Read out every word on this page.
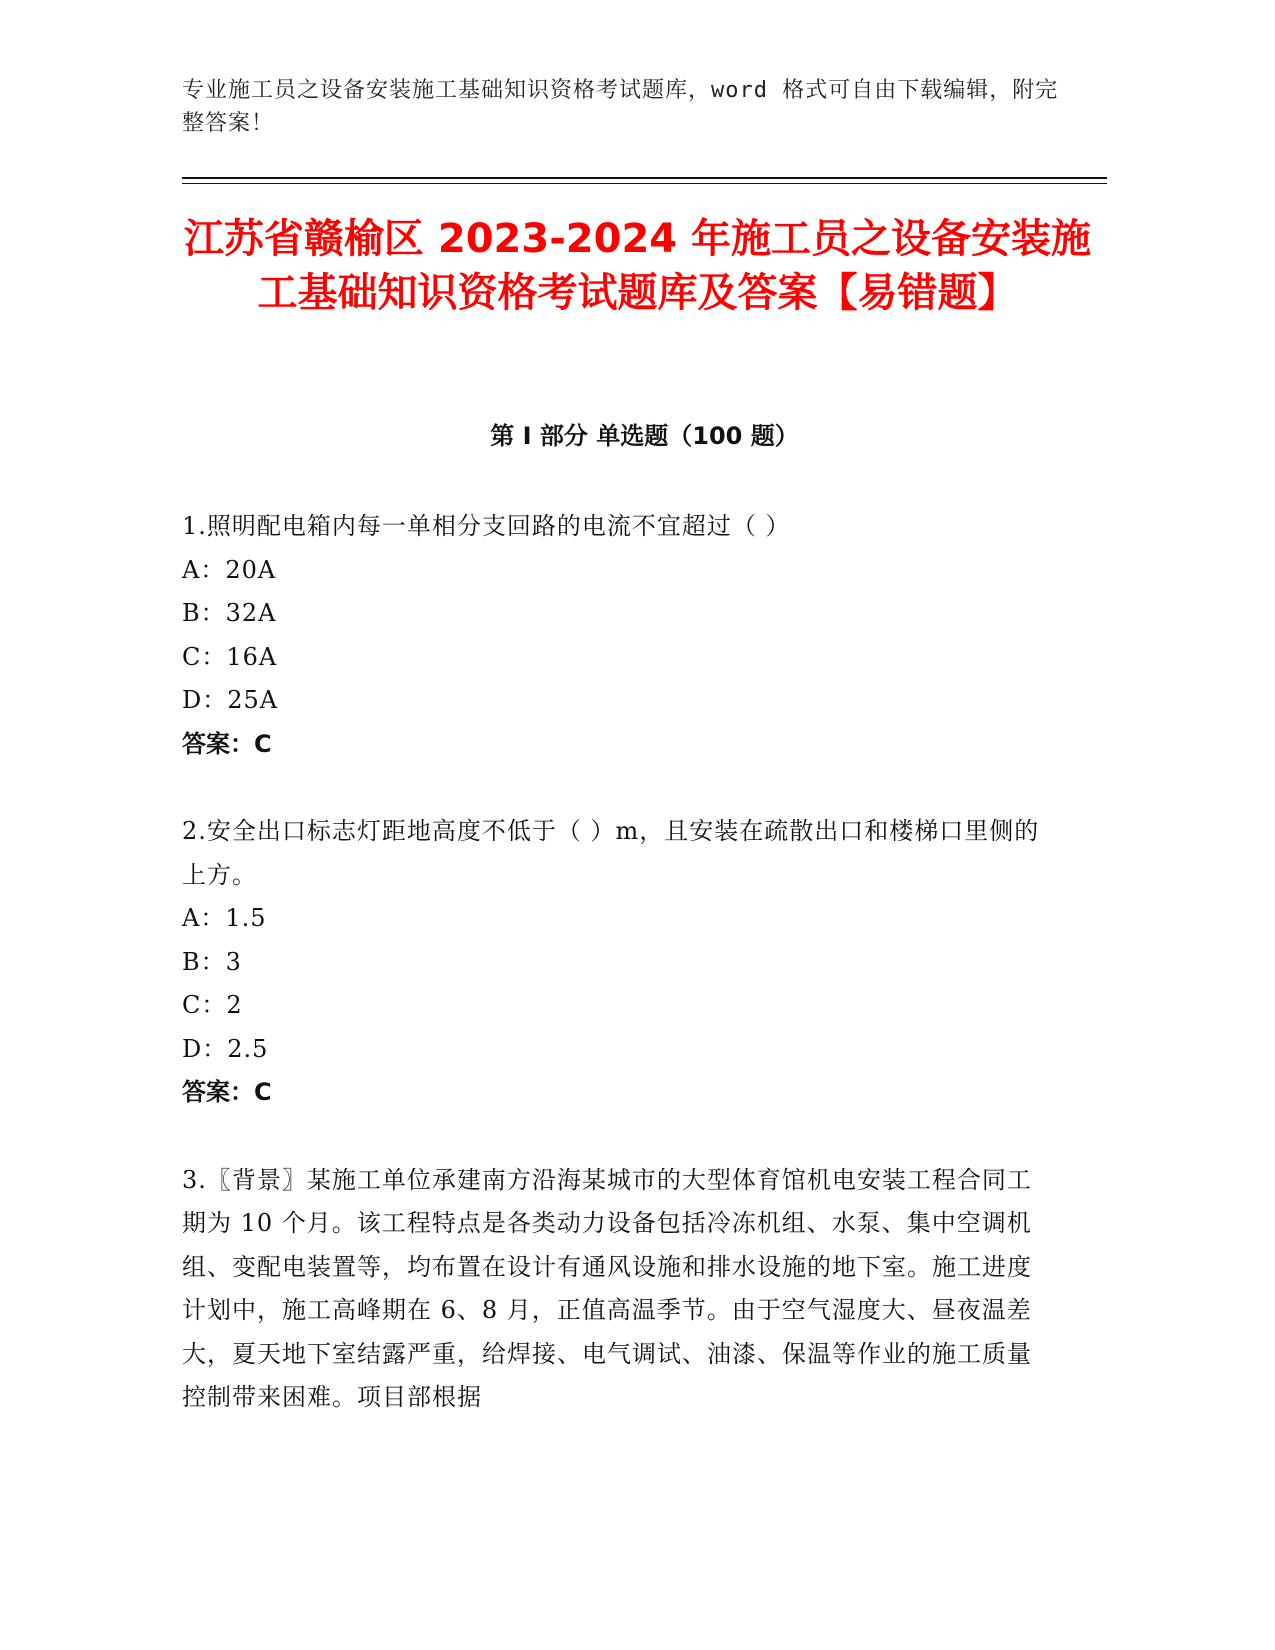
专业施工员之设备安装施工基础知识资格考试题库，word 格式可自由下载编辑，附完整答案！
江苏省赣榆区 2023-2024 年施工员之设备安装施工基础知识资格考试题库及答案【易错题】
第 I 部分 单选题（100 题）

1.照明配电箱内每一单相分支回路的电流不宜超过（ ）

A：20A

B：32A

C：16A

D：25A

答案：C

2.安全出口标志灯距地高度不低于（ ）m，且安装在疏散出口和楼梯口里侧的上方。

A：1.5

B：3

C：2

D：2.5

答案：C

3.〖背景〗某施工单位承建南方沿海某城市的大型体育馆机电安装工程合同工期为 10 个月。该工程特点是各类动力设备包括冷冻机组、水泵、集中空调机组、变配电装置等，均布置在设计有通风设施和排水设施的地下室。施工进度计划中，施工高峰期在 6、8 月，正值高温季节。由于空气湿度大、昼夜温差大，夏天地下室结露严重，给焊接、电气调试、油漆、保温等作业的施工质量控制带来困难。项目部根据
